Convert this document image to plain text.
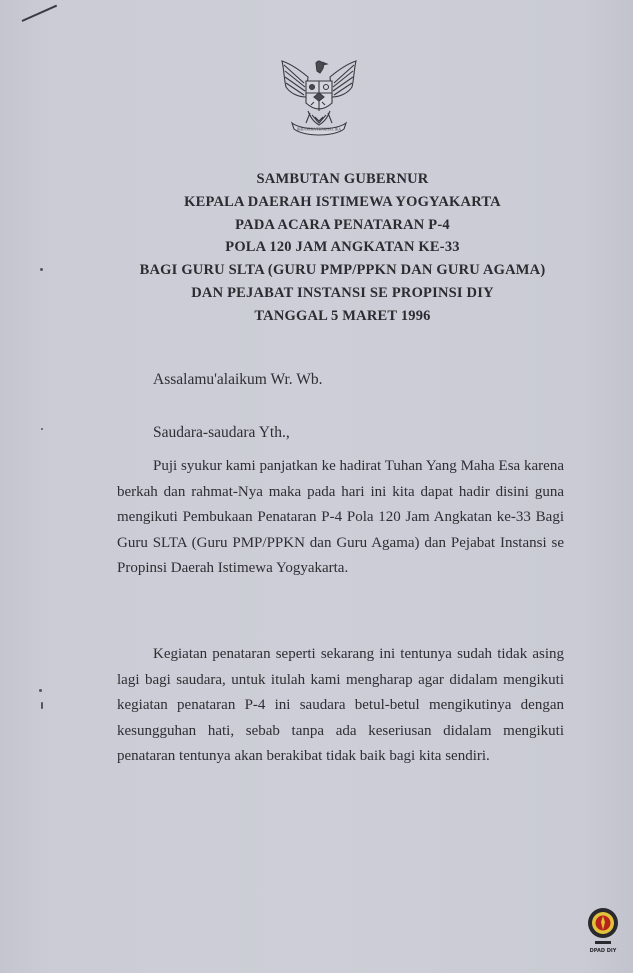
BHINNEKA TUNGGAL IKA
SAMBUTAN GUBERNUR
KEPALA DAERAH ISTIMEWA YOGYAKARTA
PADA ACARA PENATARAN P-4
POLA 120 JAM ANGKATAN KE-33
BAGI GURU SLTA (GURU PMP/PPKN DAN GURU AGAMA)
DAN PEJABAT INSTANSI SE PROPINSI DIY
TANGGAL 5 MARET 1996
Assalamu'alaikum Wr. Wb.
Saudara-saudara Yth.,

Puji syukur kami panjatkan ke hadirat Tuhan Yang Maha Esa karena berkah dan rahmat-Nya maka pada hari ini kita dapat hadir disini guna mengikuti Pembukaan Penataran P-4 Pola 120 Jam Angkatan ke-33 Bagi Guru SLTA (Guru PMP/PPKN dan Guru Agama) dan Pejabat Instansi se Propinsi Daerah Istimewa Yogyakarta.

Kegiatan penataran seperti sekarang ini tentunya sudah tidak asing lagi bagi saudara, untuk itulah kami mengharap agar didalam mengikuti kegiatan penataran P-4 ini saudara betul-betul mengikutinya dengan kesungguhan hati, sebab tanpa ada keseriusan didalam mengikuti penataran tentunya akan berakibat tidak baik bagi kita sendiri.

DPAD DIY
